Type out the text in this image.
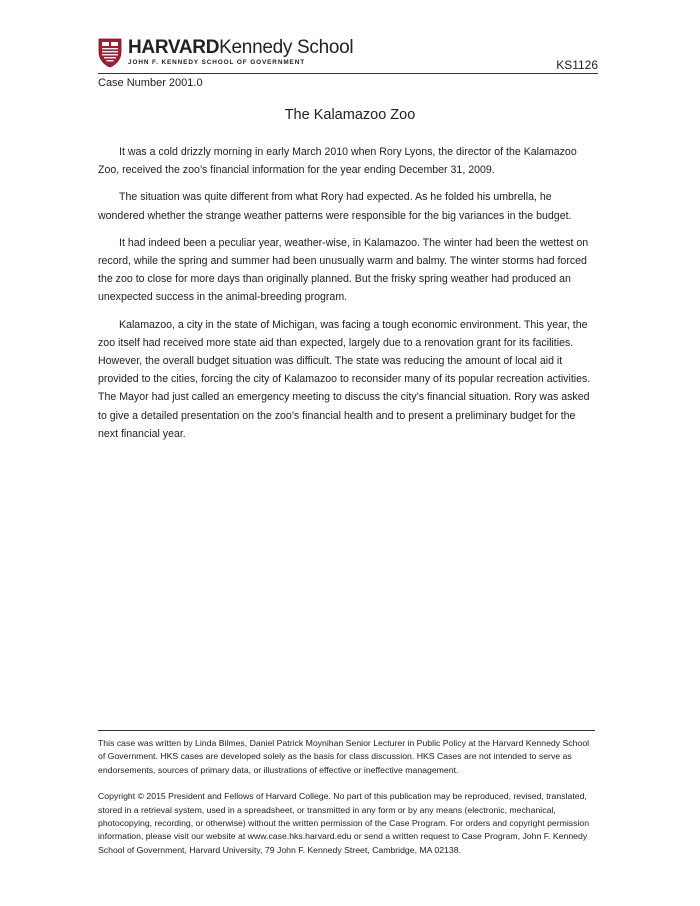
HARVARDKennedy School
JOHN F. KENNEDY SCHOOL OF GOVERNMENT	KS1126
Case Number 2001.0
The Kalamazoo Zoo

It was a cold drizzly morning in early March 2010 when Rory Lyons, the director of the Kalamazoo Zoo, received the zoo’s financial information for the year ending December 31, 2009.

The situation was quite different from what Rory had expected. As he folded his umbrella, he wondered whether the strange weather patterns were responsible for the big variances in the budget.

It had indeed been a peculiar year, weather-wise, in Kalamazoo. The winter had been the wettest on record, while the spring and summer had been unusually warm and balmy. The winter storms had forced the zoo to close for more days than originally planned. But the frisky spring weather had produced an unexpected success in the animal-breeding program.

Kalamazoo, a city in the state of Michigan, was facing a tough economic environment. This year, the zoo itself had received more state aid than expected, largely due to a renovation grant for its facilities. However, the overall budget situation was difficult. The state was reducing the amount of local aid it provided to the cities, forcing the city of Kalamazoo to reconsider many of its popular recreation activities. The Mayor had just called an emergency meeting to discuss the city’s financial situation. Rory was asked to give a detailed presentation on the zoo’s financial health and to present a preliminary budget for the next financial year.

This case was written by Linda Bilmes, Daniel Patrick Moynihan Senior Lecturer in Public Policy at the Harvard Kennedy School of Government. HKS cases are developed solely as the basis for class discussion. HKS Cases are not intended to serve as endorsements, sources of primary data, or illustrations of effective or ineffective management.

Copyright © 2015 President and Fellows of Harvard College. No part of this publication may be reproduced, revised, translated, stored in a retrieval system, used in a spreadsheet, or transmitted in any form or by any means (electronic, mechanical, photocopying, recording, or otherwise) without the written permission of the Case Program. For orders and copyright permission information, please visit our website at www.case.hks.harvard.edu or send a written request to Case Program, John F. Kennedy School of Government, Harvard University, 79 John F. Kennedy Street, Cambridge, MA 02138.
